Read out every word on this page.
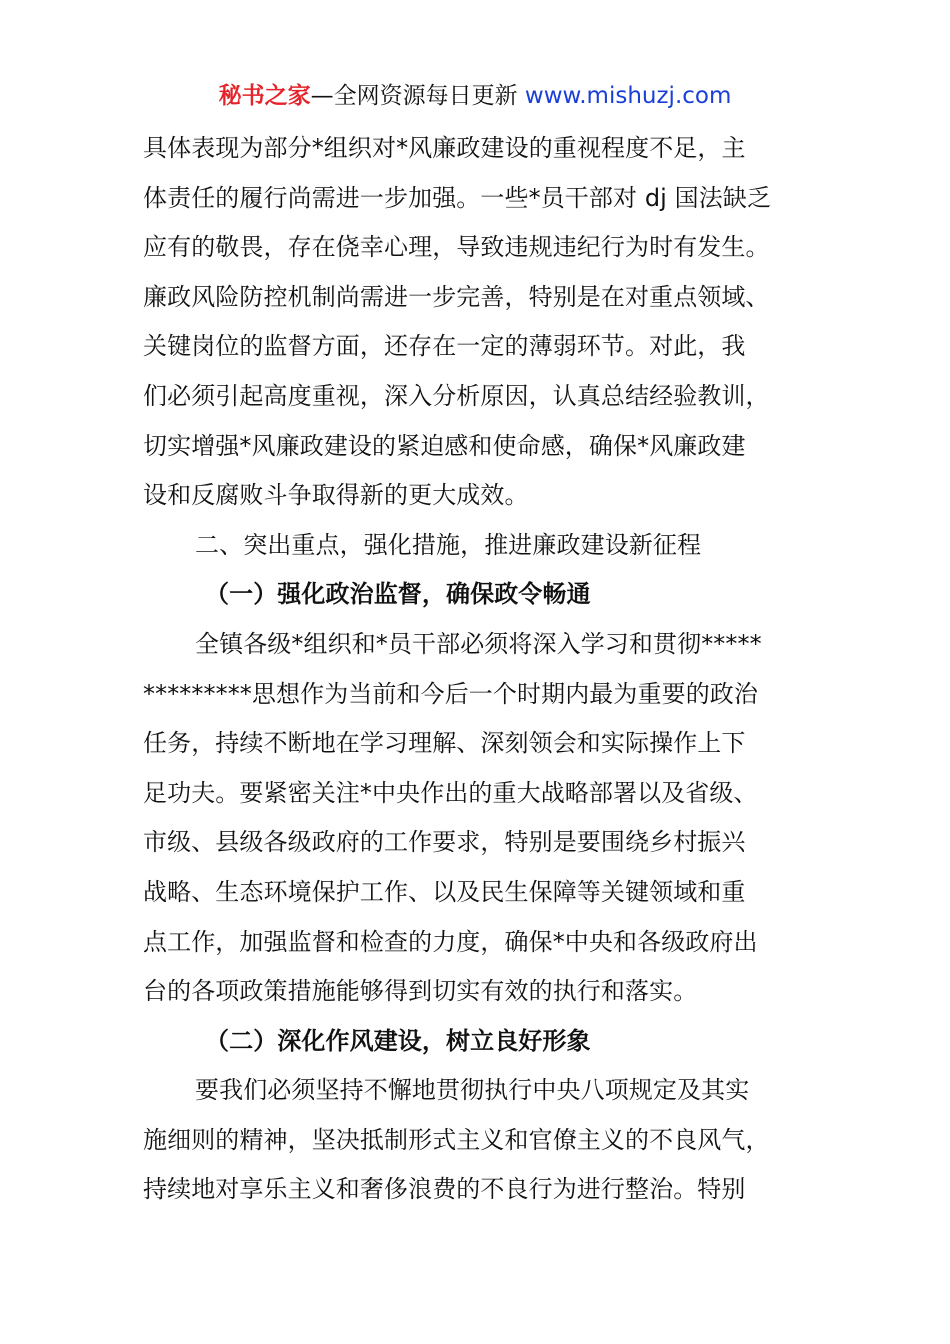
秘书之家—全网资源每日更新 www.mishuzj.com
具体表现为部分*组织对*风廉政建设的重视程度不足，主
体责任的履行尚需进一步加强。一些*员干部对 dj 国法缺乏
应有的敬畏，存在侥幸心理，导致违规违纪行为时有发生。
廉政风险防控机制尚需进一步完善，特别是在对重点领域、
关键岗位的监督方面，还存在一定的薄弱环节。对此，我
们必须引起高度重视，深入分析原因，认真总结经验教训，
切实增强*风廉政建设的紧迫感和使命感，确保*风廉政建
设和反腐败斗争取得新的更大成效。
二、突出重点，强化措施，推进廉政建设新征程
（一）强化政治监督，确保政令畅通
全镇各级*组织和*员干部必须将深入学习和贯彻*****
*********思想作为当前和今后一个时期内最为重要的政治
任务，持续不断地在学习理解、深刻领会和实际操作上下
足功夫。要紧密关注*中央作出的重大战略部署以及省级、
市级、县级各级政府的工作要求，特别是要围绕乡村振兴
战略、生态环境保护工作、以及民生保障等关键领域和重
点工作，加强监督和检查的力度，确保*中央和各级政府出
台的各项政策措施能够得到切实有效的执行和落实。
（二）深化作风建设，树立良好形象
要我们必须坚持不懈地贯彻执行中央八项规定及其实
施细则的精神，坚决抵制形式主义和官僚主义的不良风气，
持续地对享乐主义和奢侈浪费的不良行为进行整治。特别
